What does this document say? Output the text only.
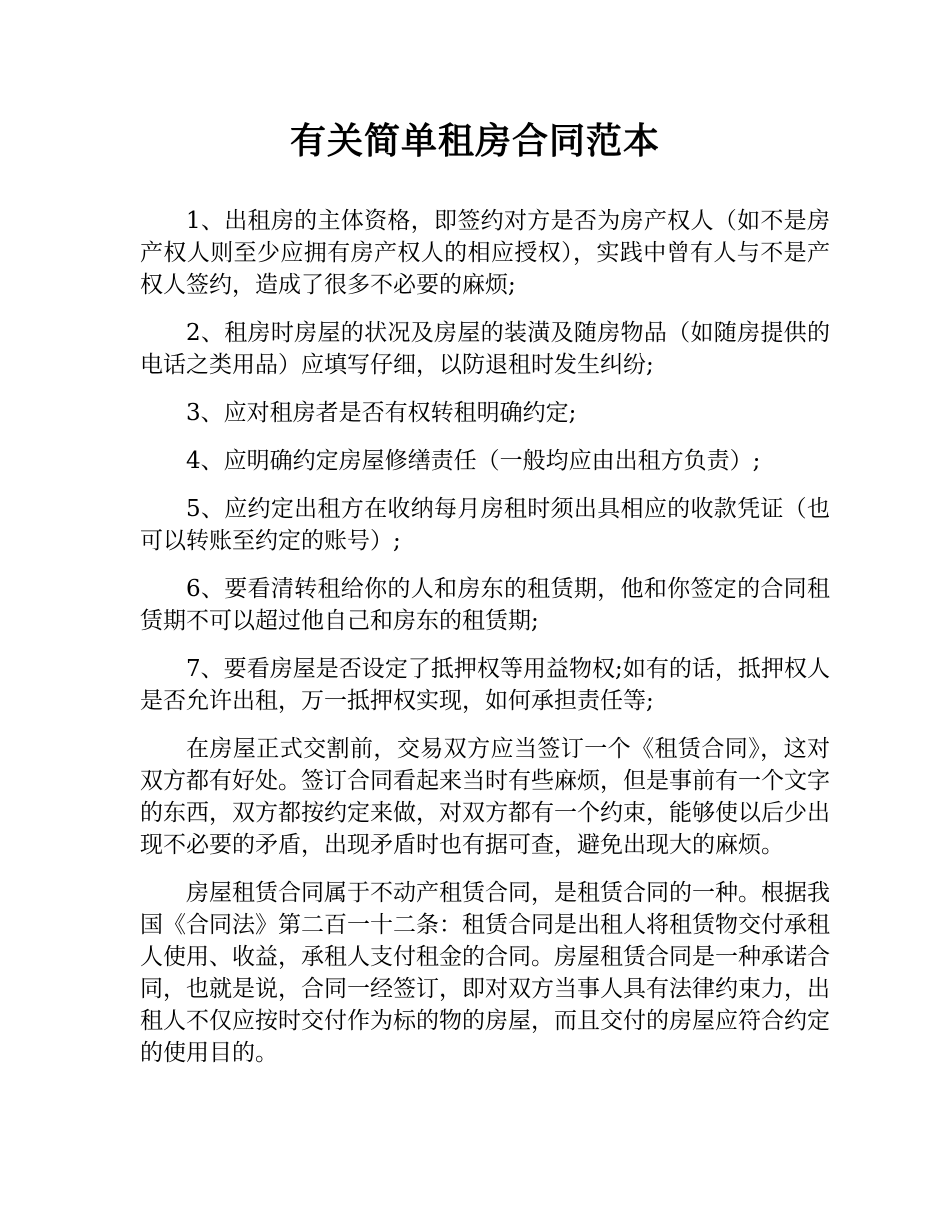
有关简单租房合同范本

1、出租房的主体资格，即签约对方是否为房产权人（如不是房产权人则至少应拥有房产权人的相应授权），实践中曾有人与不是产权人签约，造成了很多不必要的麻烦;

2、租房时房屋的状况及房屋的装潢及随房物品（如随房提供的电话之类用品）应填写仔细，以防退租时发生纠纷;

3、应对租房者是否有权转租明确约定;

4、应明确约定房屋修缮责任（一般均应由出租方负责）;

5、应约定出租方在收纳每月房租时须出具相应的收款凭证（也可以转账至约定的账号）;

6、要看清转租给你的人和房东的租赁期，他和你签定的合同租赁期不可以超过他自己和房东的租赁期;

7、要看房屋是否设定了抵押权等用益物权;如有的话，抵押权人是否允许出租，万一抵押权实现，如何承担责任等;

在房屋正式交割前，交易双方应当签订一个《租赁合同》，这对双方都有好处。签订合同看起来当时有些麻烦，但是事前有一个文字的东西，双方都按约定来做，对双方都有一个约束，能够使以后少出现不必要的矛盾，出现矛盾时也有据可查，避免出现大的麻烦。

房屋租赁合同属于不动产租赁合同，是租赁合同的一种。根据我国《合同法》第二百一十二条：租赁合同是出租人将租赁物交付承租人使用、收益，承租人支付租金的合同。房屋租赁合同是一种承诺合同，也就是说，合同一经签订，即对双方当事人具有法律约束力，出租人不仅应按时交付作为标的物的房屋，而且交付的房屋应符合约定的使用目的。
